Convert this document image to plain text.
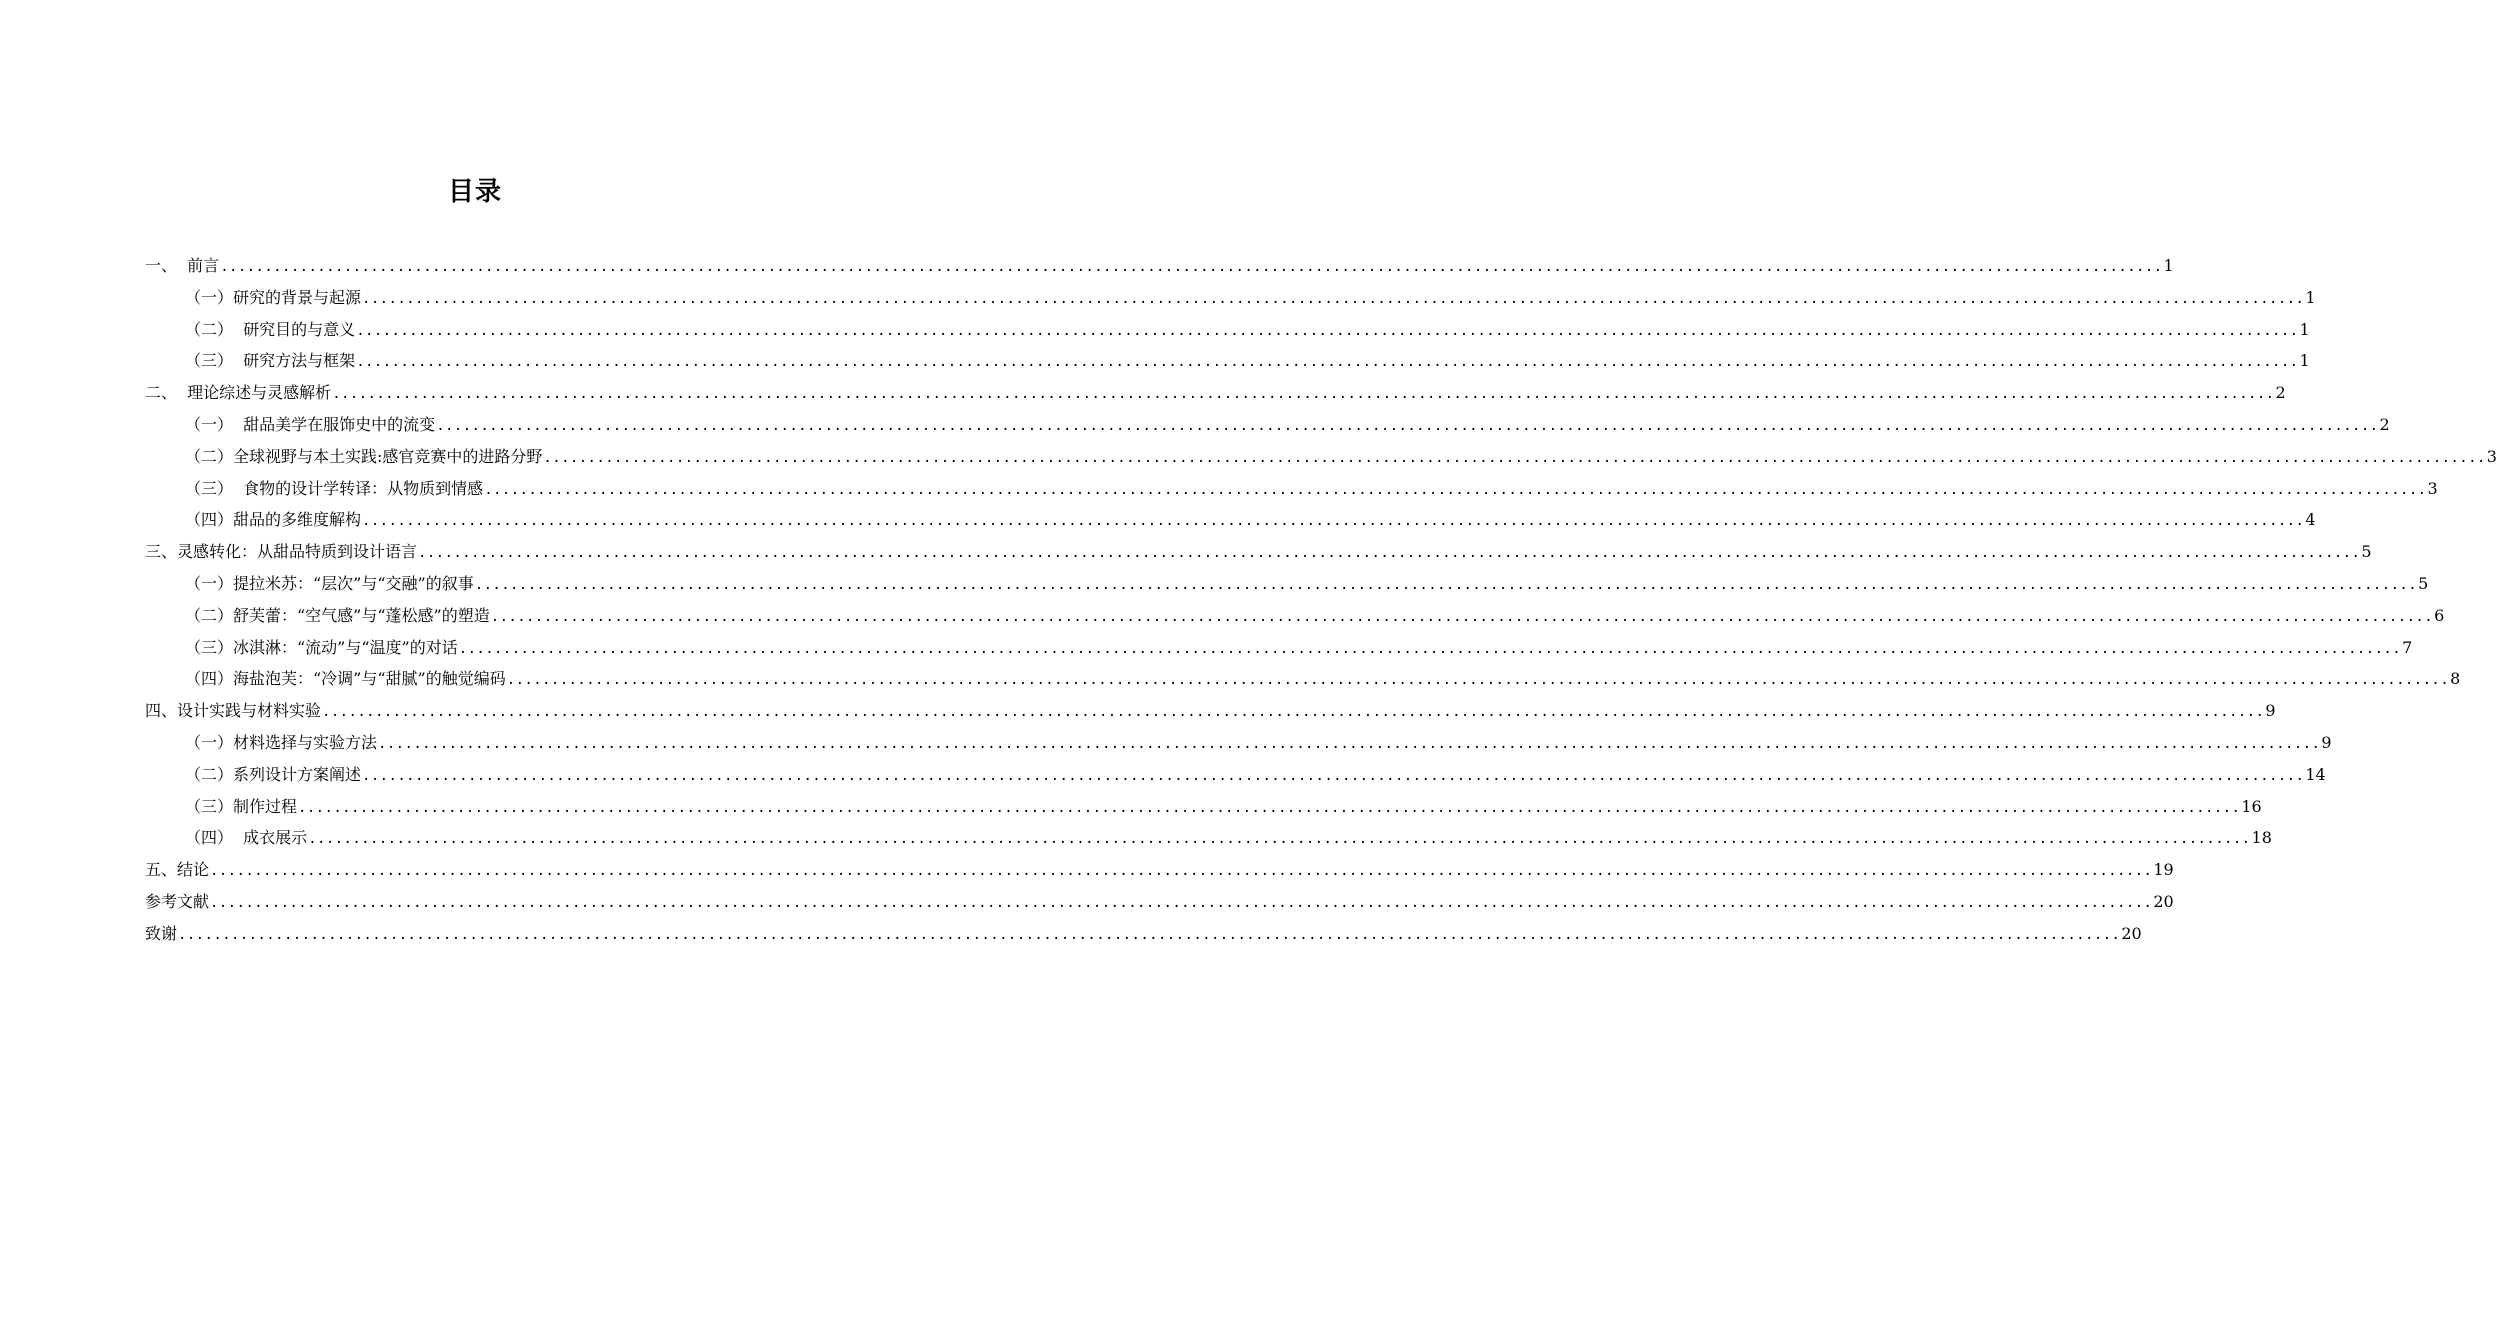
目录
一、  前言 ............................................................................................................................................................................................................................ 1
（一）研究的背景与起源 ............................................................................................................................................................................................................................ 1
（二）  研究目的与意义 ............................................................................................................................................................................................................................ 1
（三）  研究方法与框架 ............................................................................................................................................................................................................................ 1
二、  理论综述与灵感解析 ............................................................................................................................................................................................................................ 2
（一）  甜品美学在服饰史中的流变 ............................................................................................................................................................................................................................ 2
（二）全球视野与本土实践:感官竞赛中的进路分野 ............................................................................................................................................................................................................................ 3
（三）  食物的设计学转译：从物质到情感 ............................................................................................................................................................................................................................ 3
（四）甜品的多维度解构 ............................................................................................................................................................................................................................ 4
三、灵感转化：从甜品特质到设计语言 ............................................................................................................................................................................................................................ 5
（一）提拉米苏：“层次”与“交融”的叙事 ............................................................................................................................................................................................................................ 5
（二）舒芙蕾：“空气感”与“蓬松感”的塑造 ............................................................................................................................................................................................................................ 6
（三）冰淇淋：“流动”与“温度”的对话 ............................................................................................................................................................................................................................ 7
（四）海盐泡芙：“冷调”与“甜腻”的触觉编码 ............................................................................................................................................................................................................................ 8
四、设计实践与材料实验 ............................................................................................................................................................................................................................ 9
（一）材料选择与实验方法 ............................................................................................................................................................................................................................ 9
（二）系列设计方案阐述 ............................................................................................................................................................................................................................ 14
（三）制作过程 ............................................................................................................................................................................................................................ 16
（四）  成衣展示 ............................................................................................................................................................................................................................ 18
五、结论 ............................................................................................................................................................................................................................ 19
参考文献 ............................................................................................................................................................................................................................ 20
致谢 ............................................................................................................................................................................................................................ 20
